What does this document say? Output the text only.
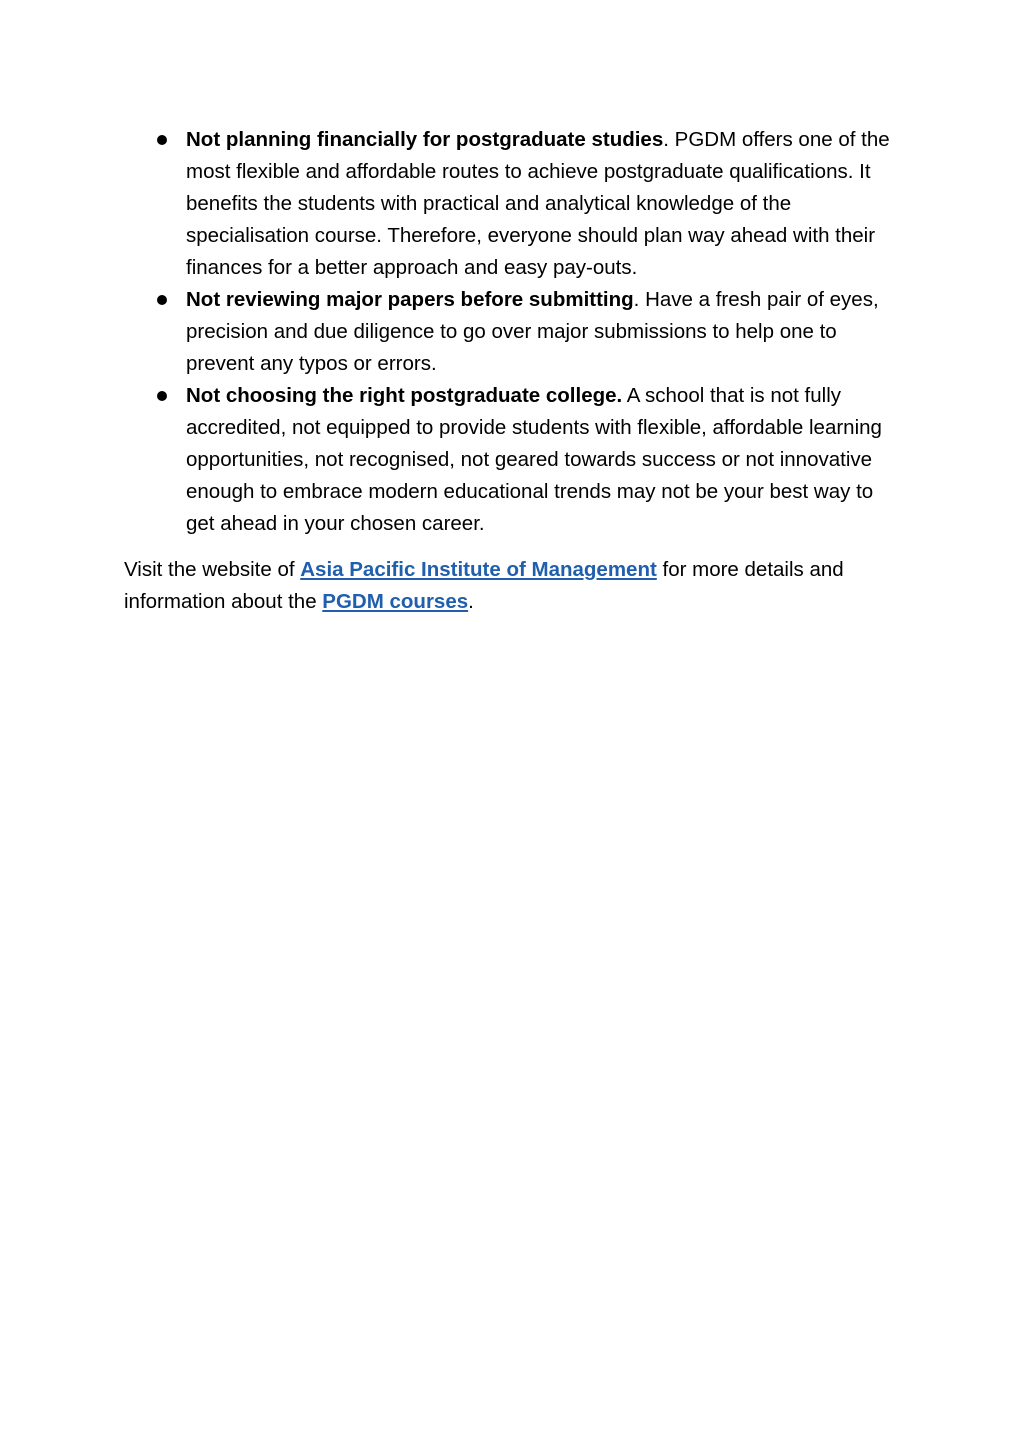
Not planning financially for postgraduate studies. PGDM offers one of the most flexible and affordable routes to achieve postgraduate qualifications. It benefits the students with practical and analytical knowledge of the specialisation course. Therefore, everyone should plan way ahead with their finances for a better approach and easy pay-outs.
Not reviewing major papers before submitting. Have a fresh pair of eyes, precision and due diligence to go over major submissions to help one to prevent any typos or errors.
Not choosing the right postgraduate college. A school that is not fully accredited, not equipped to provide students with flexible, affordable learning opportunities, not recognised, not geared towards success or not innovative enough to embrace modern educational trends may not be your best way to get ahead in your chosen career.

Visit the website of Asia Pacific Institute of Management for more details and information about the PGDM courses.
